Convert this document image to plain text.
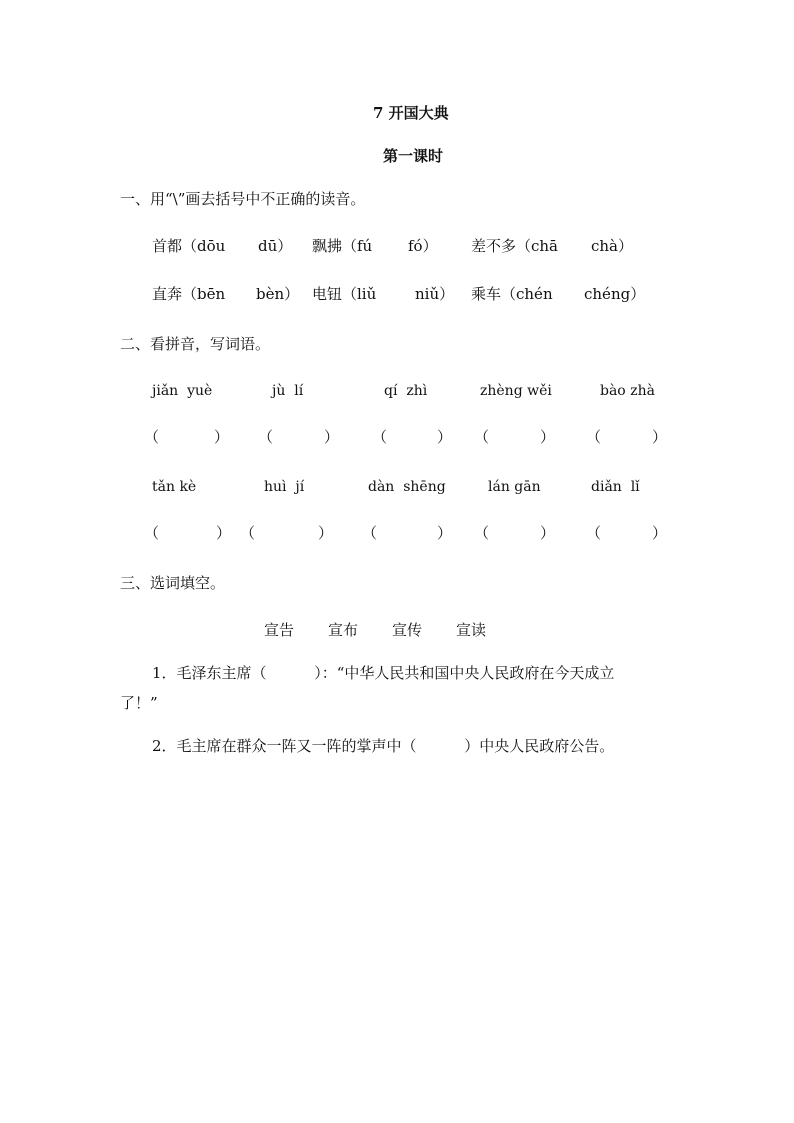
7 开国大典
第一课时
一、用“\”画去括号中不正确的读音。
首都（dōu dū） 飘拂（fú fó） 差不多（chā chà）
直奔（bēn bèn） 电钮（liǔ	niǔ） 乘车（chén chéng）
二、看拼音，写词语。
jiǎn  yuè	jù  lí	qí  zhì	zhèng wěi	bào zhà
（	） （	） （	） （	） （	）
tǎn kè	huì  jí	dàn  shēng	lán gān	diǎn  lǐ
（	） （	） （	） （	） （	）
三、选词填空。
宣告 宣布 宣传 宣读
1．毛泽东主席（          ）：“中华人民共和国中央人民政府在今天成立
了！”
2．毛主席在群众一阵又一阵的掌声中（          ）中央人民政府公告。
